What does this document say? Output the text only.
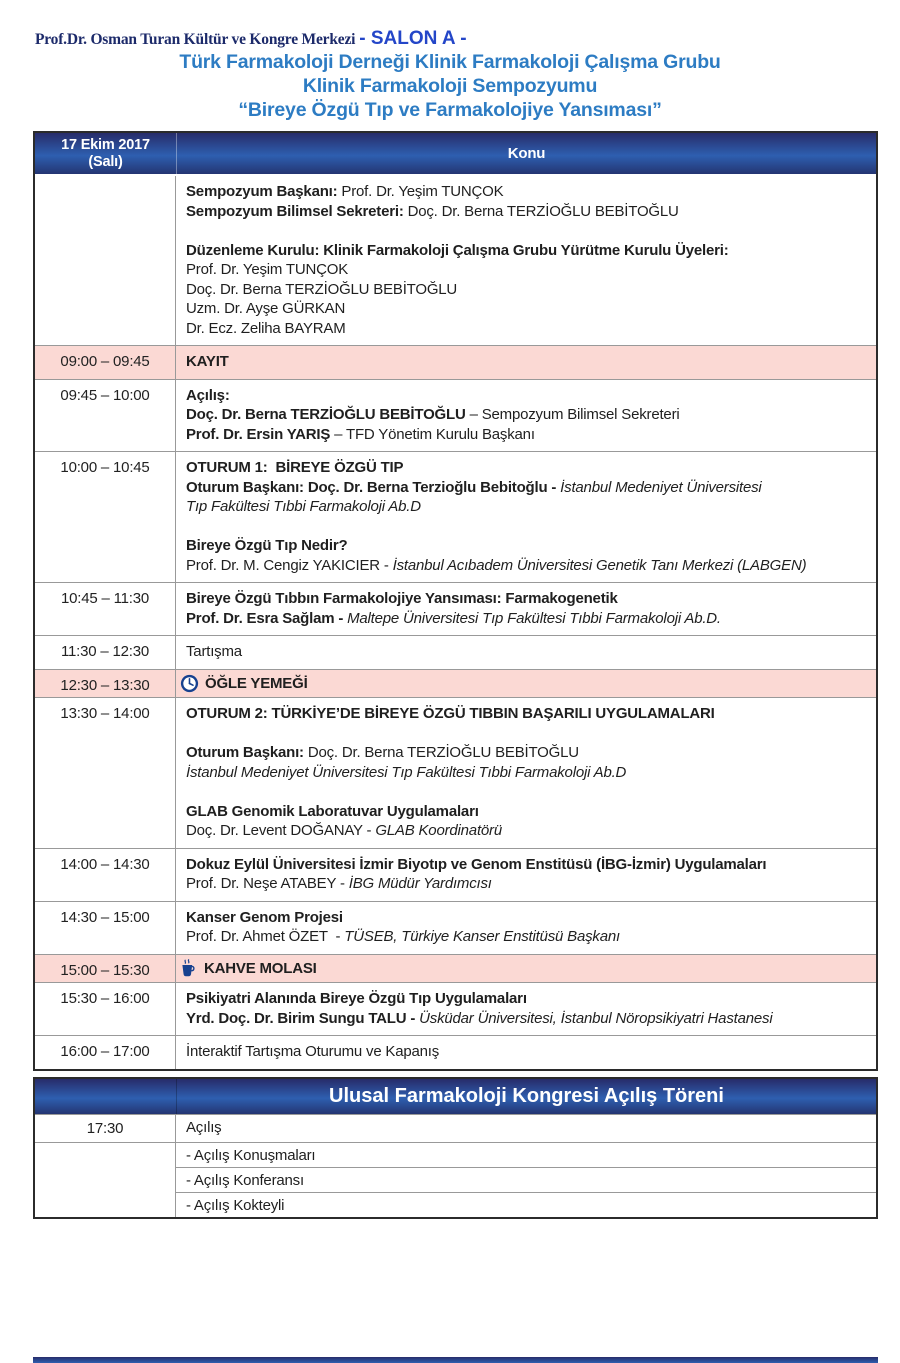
Prof.Dr. Osman Turan Kültür ve Kongre Merkezi - SALON A -
Türk Farmakoloji Derneği Klinik Farmakoloji Çalışma Grubu
Klinik Farmakoloji Sempozyumu
“Bireye Özgü Tıp ve Farmakolojiye Yansıması”
17 Ekim 2017
(Salı)	Konu
Sempozyum Başkanı: Prof. Dr. Yeşim TUNÇOK
Sempozyum Bilimsel Sekreteri: Doç. Dr. Berna TERZİOĞLU BEBİTOĞLU

Düzenleme Kurulu: Klinik Farmakoloji Çalışma Grubu Yürütme Kurulu Üyeleri:
Prof. Dr. Yeşim TUNÇOK
Doç. Dr. Berna TERZİOĞLU BEBİTOĞLU
Uzm. Dr. Ayşe GÜRKAN
Dr. Ecz. Zeliha BAYRAM
09:00 – 09:45	KAYIT
09:45 – 10:00	Açılış:
Doç. Dr. Berna TERZİOĞLU BEBİTOĞLU – Sempozyum Bilimsel Sekreteri
Prof. Dr. Ersin YARIŞ – TFD Yönetim Kurulu Başkanı
10:00 – 10:45	OTURUM 1:  BİREYE ÖZGÜ TIP
Oturum Başkanı: Doç. Dr. Berna Terzioğlu Bebitoğlu - İstanbul Medeniyet Üniversitesi
Tıp Fakültesi Tıbbi Farmakoloji Ab.D

Bireye Özgü Tıp Nedir?
Prof. Dr. M. Cengiz YAKICIER - İstanbul Acıbadem Üniversitesi Genetik Tanı Merkezi (LABGEN)
10:45 – 11:30	Bireye Özgü Tıbbın Farmakolojiye Yansıması: Farmakogenetik
Prof. Dr. Esra Sağlam - Maltepe Üniversitesi Tıp Fakültesi Tıbbi Farmakoloji Ab.D.
11:30 – 12:30	Tartışma
12:30 – 13:30	ÖĞLE YEMEĞİ
13:30 – 14:00	OTURUM 2: TÜRKİYE’DE BİREYE ÖZGÜ TIBBIN BAŞARILI UYGULAMALARI

Oturum Başkanı: Doç. Dr. Berna TERZİOĞLU BEBİTOĞLU
İstanbul Medeniyet Üniversitesi Tıp Fakültesi Tıbbi Farmakoloji Ab.D

GLAB Genomik Laboratuvar Uygulamaları
Doç. Dr. Levent DOĞANAY - GLAB Koordinatörü
14:00 – 14:30	Dokuz Eylül Üniversitesi İzmir Biyotıp ve Genom Enstitüsü (İBG-İzmir) Uygulamaları
Prof. Dr. Neşe ATABEY - İBG Müdür Yardımcısı
14:30 – 15:00	Kanser Genom Projesi
Prof. Dr. Ahmet ÖZET  - TÜSEB, Türkiye Kanser Enstitüsü Başkanı
15:00 – 15:30	KAHVE MOLASI
15:30 – 16:00	Psikiyatri Alanında Bireye Özgü Tıp Uygulamaları
Yrd. Doç. Dr. Birim Sungu TALU - Üsküdar Üniversitesi, İstanbul Nöropsikiyatri Hastanesi
16:00 – 17:00	İnteraktif Tartışma Oturumu ve Kapanış
Ulusal Farmakoloji Kongresi Açılış Töreni
17:30	Açılış
- Açılış Konuşmaları
- Açılış Konferansı
- Açılış Kokteyli
